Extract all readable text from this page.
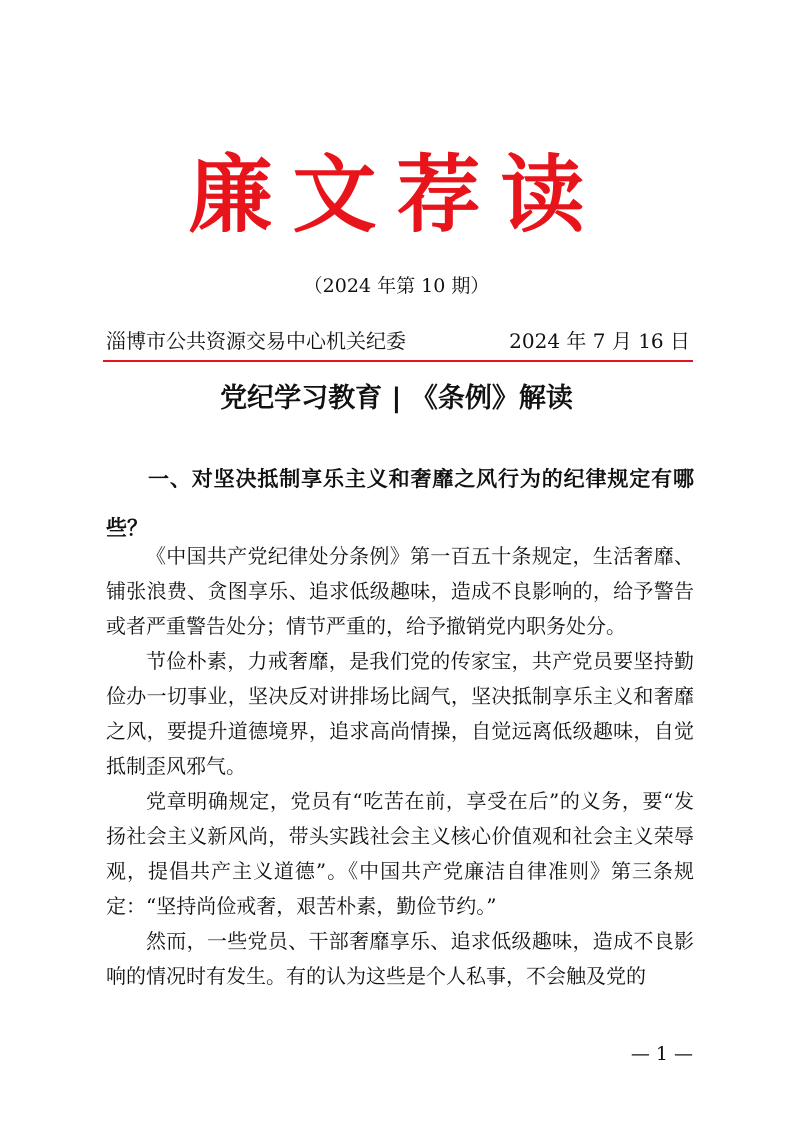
廉文荐读
（2024 年第 10 期）
淄博市公共资源交易中心机关纪委	2024 年 7 月 16 日
党纪学习教育 | 《条例》解读
一、对坚决抵制享乐主义和奢靡之风行为的纪律规定有哪些？

《中国共产党纪律处分条例》第一百五十条规定，生活奢靡、铺张浪费、贪图享乐、追求低级趣味，造成不良影响的，给予警告或者严重警告处分；情节严重的，给予撤销党内职务处分。

节俭朴素，力戒奢靡，是我们党的传家宝，共产党员要坚持勤俭办一切事业，坚决反对讲排场比阔气，坚决抵制享乐主义和奢靡之风，要提升道德境界，追求高尚情操，自觉远离低级趣味，自觉抵制歪风邪气。

党章明确规定，党员有“吃苦在前，享受在后”的义务，要“发扬社会主义新风尚，带头实践社会主义核心价值观和社会主义荣辱观，提倡共产主义道德”。《中国共产党廉洁自律准则》第三条规定：“坚持尚俭戒奢，艰苦朴素，勤俭节约。”

然而，一些党员、干部奢靡享乐、追求低级趣味，造成不良影响的情况时有发生。有的认为这些是个人私事，不会触及党的

— 1 —
